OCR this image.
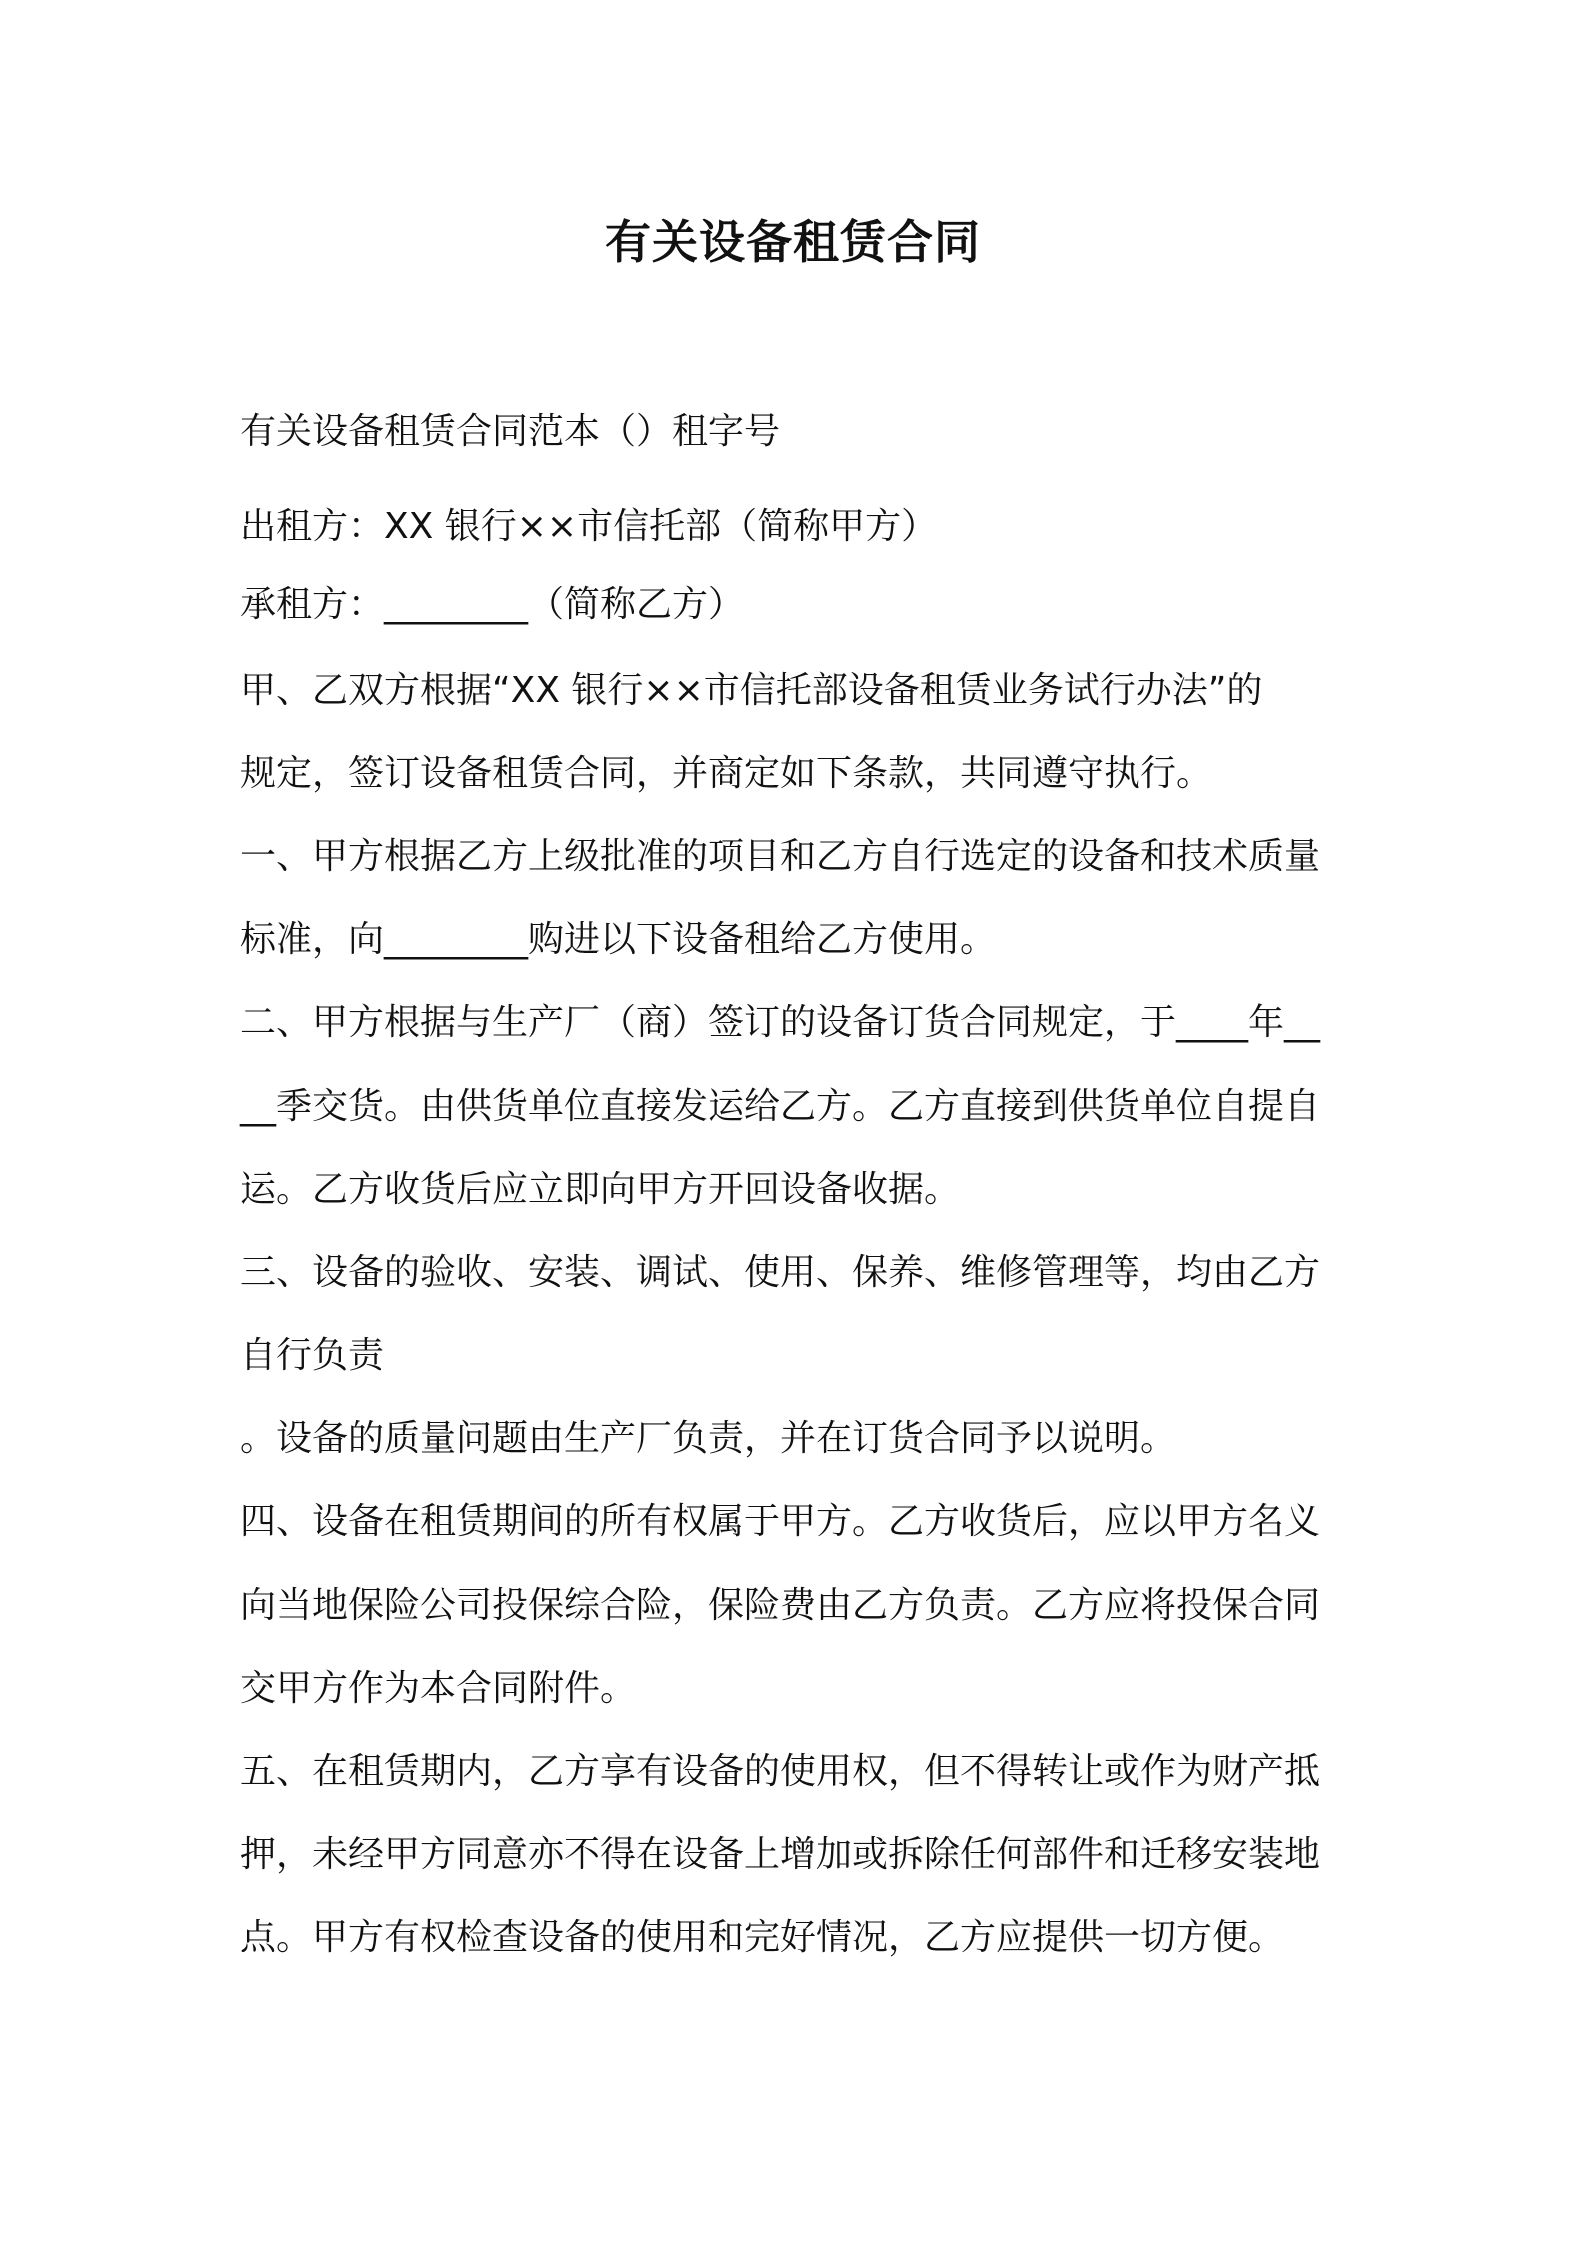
有关设备租赁合同
有关设备租赁合同范本（）租字号
出租方：XX 银行××市信托部（简称甲方）
承租方：________（简称乙方）
甲、乙双方根据“XX 银行××市信托部设备租赁业务试行办法”的
规定，签订设备租赁合同，并商定如下条款，共同遵守执行。
一、甲方根据乙方上级批准的项目和乙方自行选定的设备和技术质量
标准，向________购进以下设备租给乙方使用。
二、甲方根据与生产厂（商）签订的设备订货合同规定，于____年__
__季交货。由供货单位直接发运给乙方。乙方直接到供货单位自提自
运。乙方收货后应立即向甲方开回设备收据。
三、设备的验收、安装、调试、使用、保养、维修管理等，均由乙方
自行负责
。设备的质量问题由生产厂负责，并在订货合同予以说明。
四、设备在租赁期间的所有权属于甲方。乙方收货后，应以甲方名义
向当地保险公司投保综合险，保险费由乙方负责。乙方应将投保合同
交甲方作为本合同附件。
五、在租赁期内，乙方享有设备的使用权，但不得转让或作为财产抵
押，未经甲方同意亦不得在设备上增加或拆除任何部件和迁移安装地
点。甲方有权检查设备的使用和完好情况，乙方应提供一切方便。
